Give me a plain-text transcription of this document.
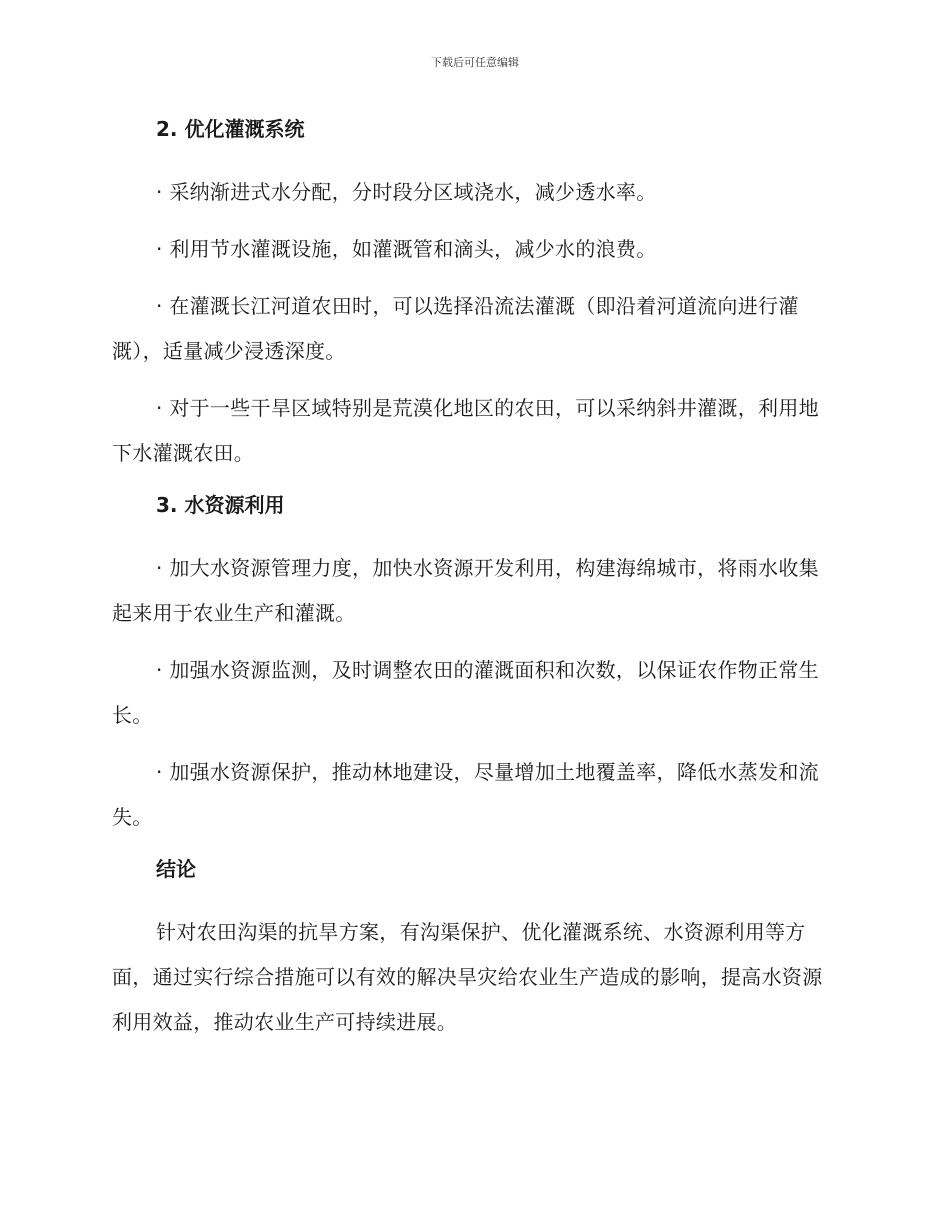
下载后可任意编辑
2. 优化灌溉系统

· 采纳渐进式水分配，分时段分区域浇水，减少透水率。

· 利用节水灌溉设施，如灌溉管和滴头，减少水的浪费。

· 在灌溉长江河道农田时，可以选择沿流法灌溉（即沿着河道流向进行灌溉），适量减少浸透深度。

· 对于一些干旱区域特别是荒漠化地区的农田，可以采纳斜井灌溉，利用地下水灌溉农田。

3. 水资源利用

· 加大水资源管理力度，加快水资源开发利用，构建海绵城市，将雨水收集起来用于农业生产和灌溉。

· 加强水资源监测，及时调整农田的灌溉面积和次数，以保证农作物正常生长。

· 加强水资源保护，推动林地建设，尽量增加土地覆盖率，降低水蒸发和流失。

结论

针对农田沟渠的抗旱方案，有沟渠保护、优化灌溉系统、水资源利用等方面，通过实行综合措施可以有效的解决旱灾给农业生产造成的影响，提高水资源利用效益，推动农业生产可持续进展。
